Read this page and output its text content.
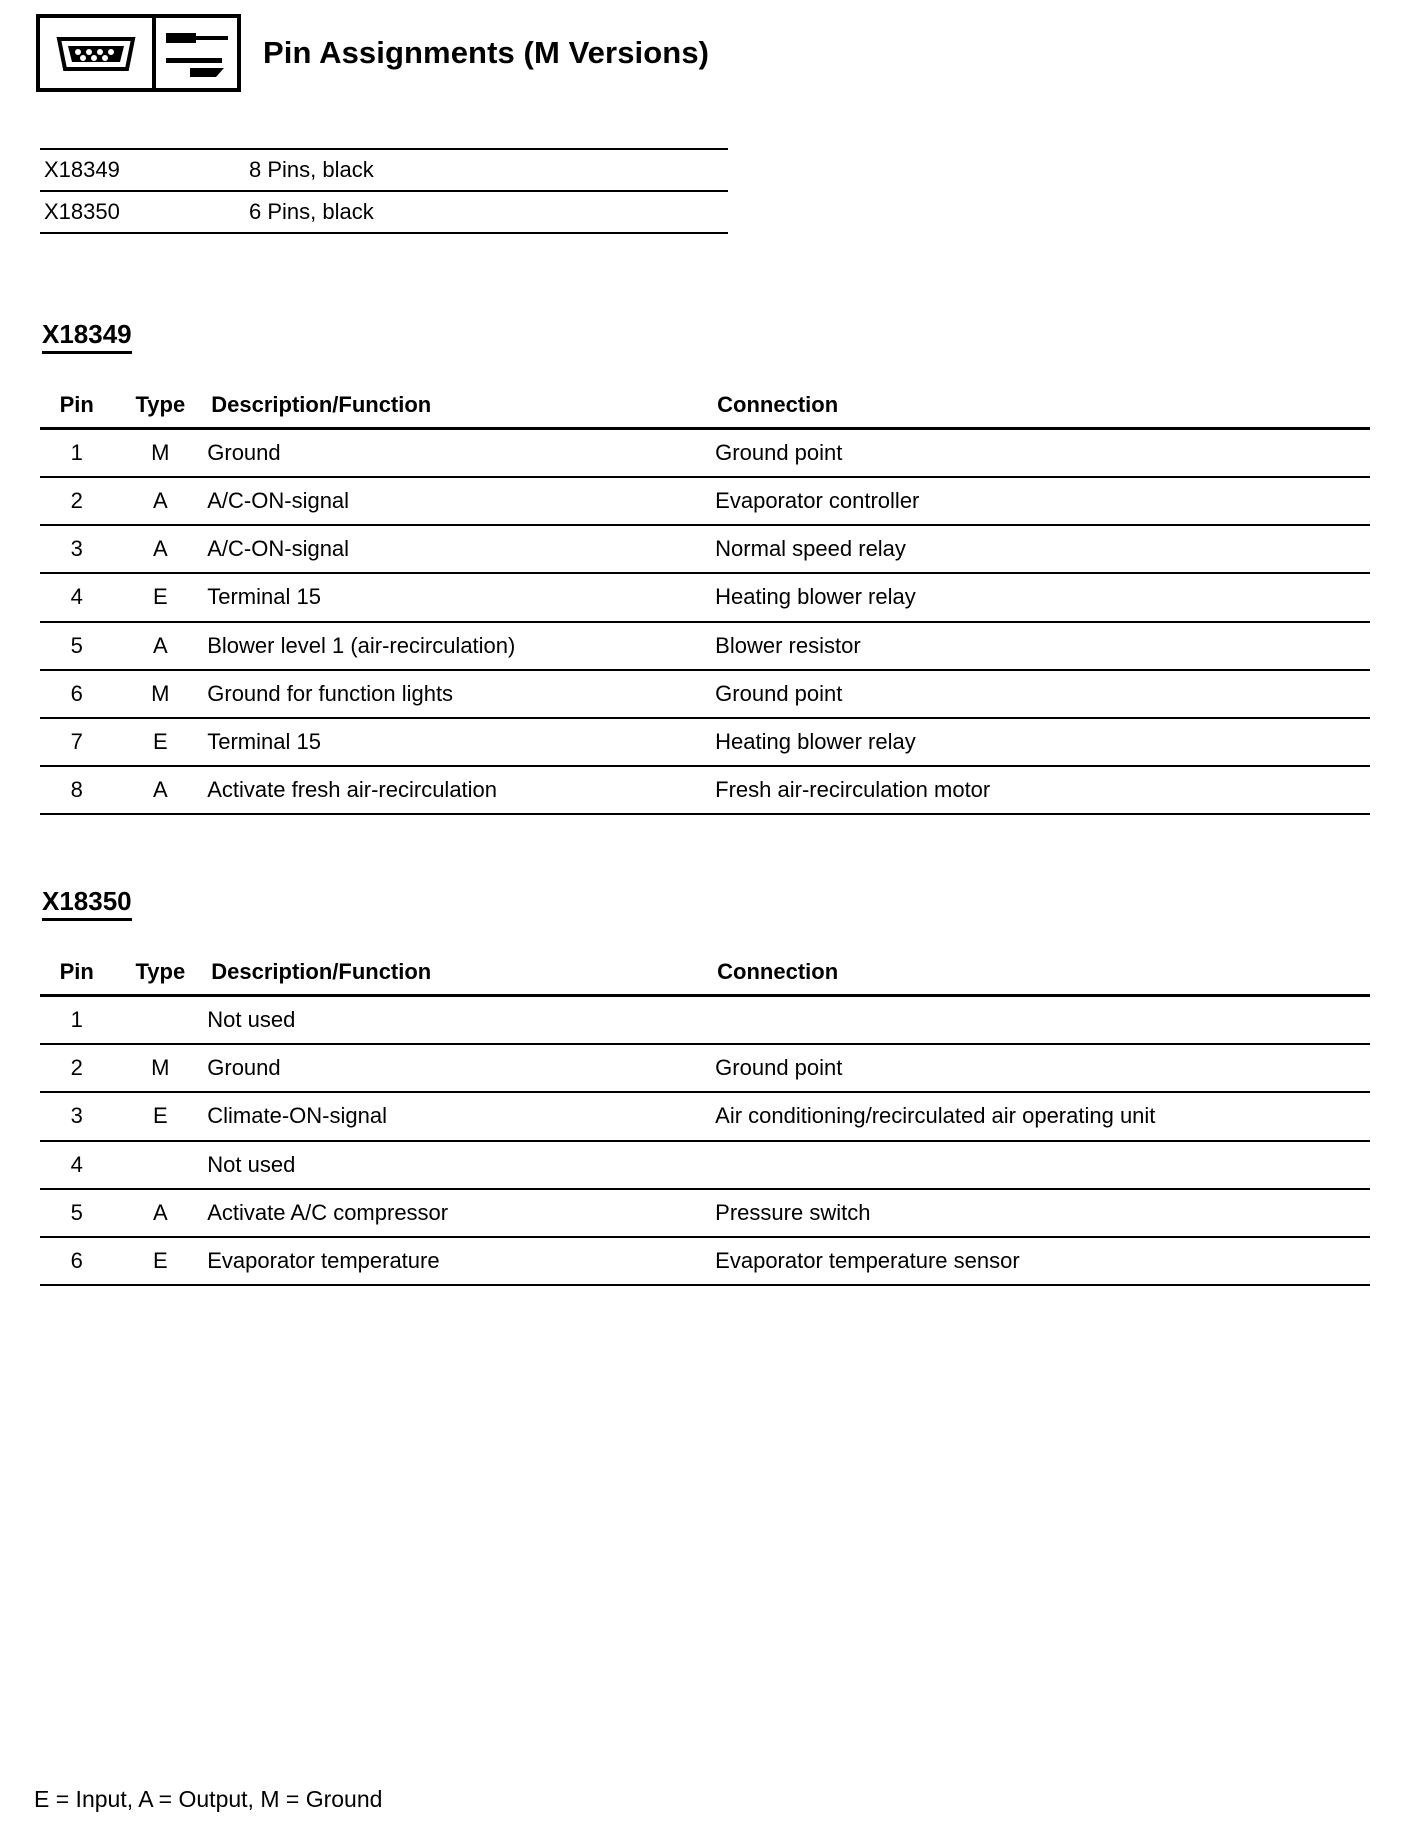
Pin Assignments (M Versions)
X18349	8 Pins, black
X18350	6 Pins, black
X18349
Pin	Type	Description/Function	Connection
1	M	Ground	Ground point
2	A	A/C-ON-signal	Evaporator controller
3	A	A/C-ON-signal	Normal speed relay
4	E	Terminal 15	Heating blower relay
5	A	Blower level 1 (air-recirculation)	Blower resistor
6	M	Ground for function lights	Ground point
7	E	Terminal 15	Heating blower relay
8	A	Activate fresh air-recirculation	Fresh air-recirculation motor
X18350
Pin	Type	Description/Function	Connection
1		Not used	
2	M	Ground	Ground point
3	E	Climate-ON-signal	Air conditioning/recirculated air operating unit
4		Not used	
5	A	Activate A/C compressor	Pressure switch
6	E	Evaporator temperature	Evaporator temperature sensor
E = Input, A = Output, M = Ground
